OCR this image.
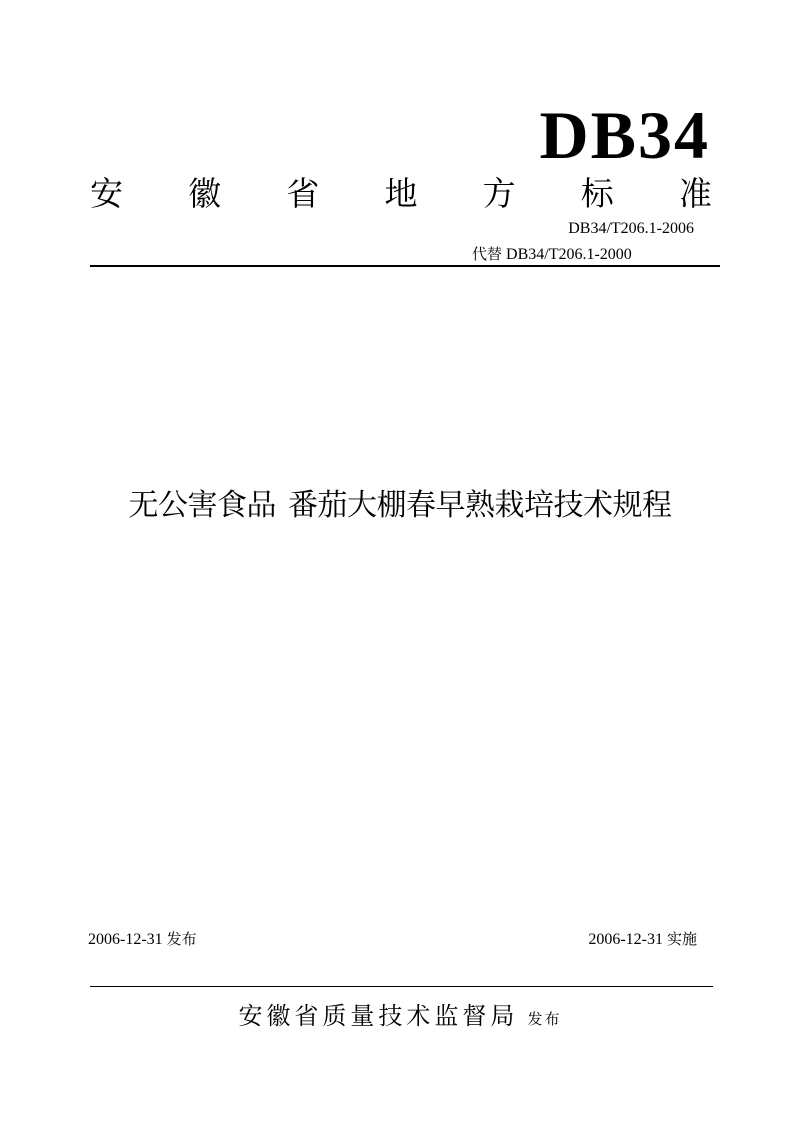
DB34
安 徽 省 地 方 标 准
DB34/T206.1-2006
代替 DB34/T206.1-2000
无公害食品 番茄大棚春早熟栽培技术规程
2006-12-31 发布	2006-12-31 实施
安徽省质量技术监督局 发布
